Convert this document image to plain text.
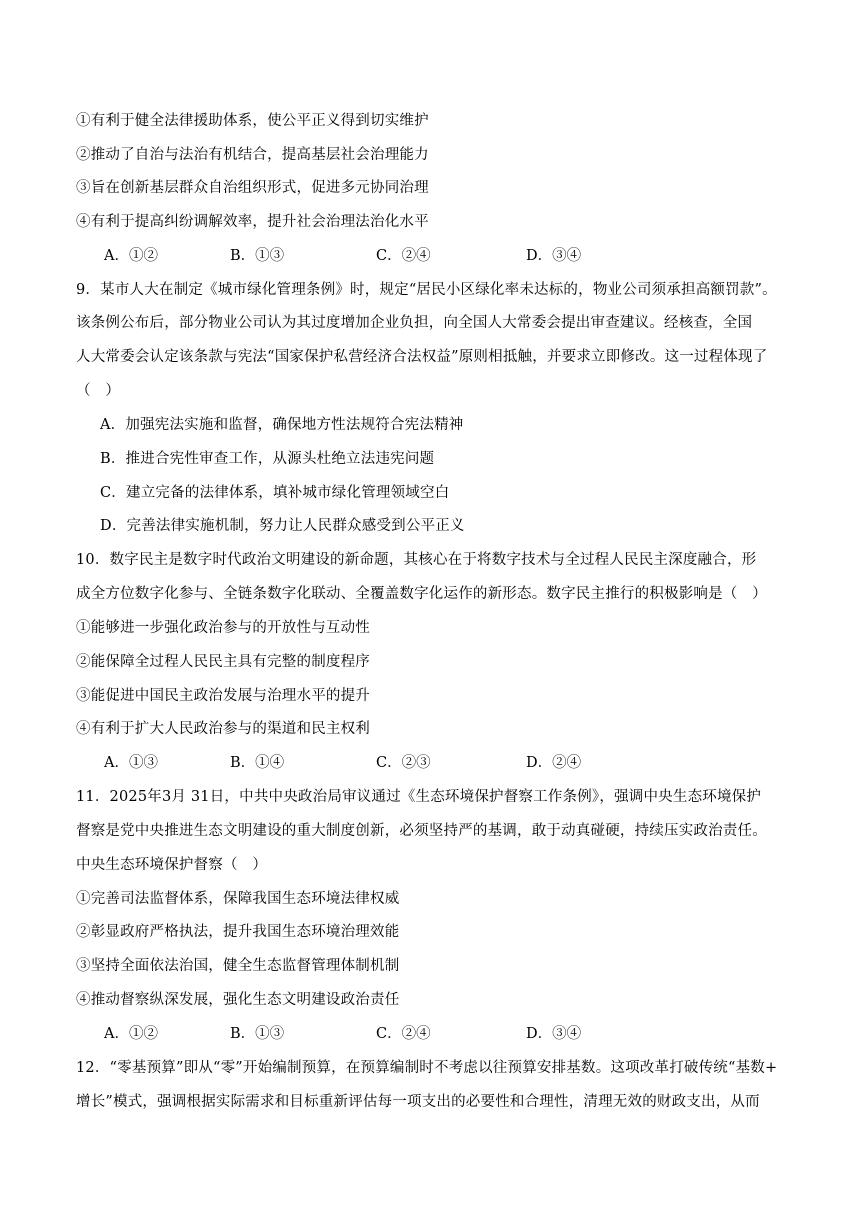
①有利于健全法律援助体系，使公平正义得到切实维护
②推动了自治与法治有机结合，提高基层社会治理能力
③旨在创新基层群众自治组织形式，促进多元协同治理
④有利于提高纠纷调解效率，提升社会治理法治化水平
A．①②	B．①③	C．②④	D．③④
9．某市人大在制定《城市绿化管理条例》时，规定“居民小区绿化率未达标的，物业公司须承担高额罚款”。
该条例公布后，部分物业公司认为其过度增加企业负担，向全国人大常委会提出审查建议。经核查，全国
人大常委会认定该条款与宪法“国家保护私营经济合法权益”原则相抵触，并要求立即修改。这一过程体现了
（　）
A．加强宪法实施和监督，确保地方性法规符合宪法精神
B．推进合宪性审查工作，从源头杜绝立法违宪问题
C．建立完备的法律体系，填补城市绿化管理领域空白
D．完善法律实施机制，努力让人民群众感受到公平正义
10．数字民主是数字时代政治文明建设的新命题，其核心在于将数字技术与全过程人民民主深度融合，形
成全方位数字化参与、全链条数字化联动、全覆盖数字化运作的新形态。数字民主推行的积极影响是（　）
①能够进一步强化政治参与的开放性与互动性
②能保障全过程人民民主具有完整的制度程序
③能促进中国民主政治发展与治理水平的提升
④有利于扩大人民政治参与的渠道和民主权利
A．①③	B．①④	C．②③	D．②④
11．2025年3月 31日，中共中央政治局审议通过《生态环境保护督察工作条例》，强调中央生态环境保护
督察是党中央推进生态文明建设的重大制度创新，必须坚持严的基调，敢于动真碰硬，持续压实政治责任。
中央生态环境保护督察（　）
①完善司法监督体系，保障我国生态环境法律权威
②彰显政府严格执法，提升我国生态环境治理效能
③坚持全面依法治国，健全生态监督管理体制机制
④推动督察纵深发展，强化生态文明建设政治责任
A．①②	B．①③	C．②④	D．③④
12．“零基预算”即从“零”开始编制预算，在预算编制时不考虑以往预算安排基数。这项改革打破传统“基数+
增长”模式，强调根据实际需求和目标重新评估每一项支出的必要性和合理性，清理无效的财政支出，从而
